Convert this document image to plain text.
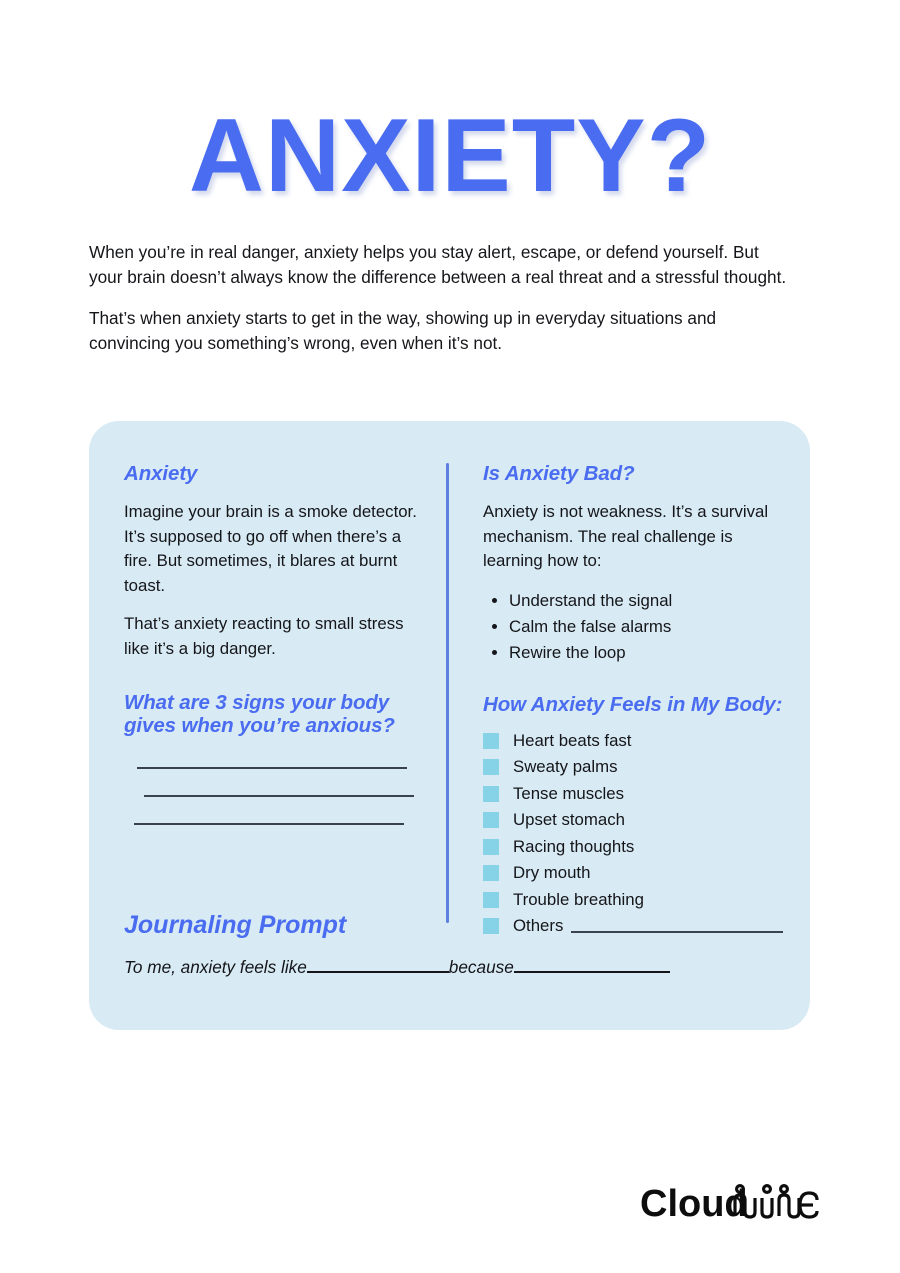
ANXIETY?

When you’re in real danger, anxiety helps you stay alert, escape, or defend yourself. But your brain doesn’t always know the difference between a real threat and a stressful thought.

That’s when anxiety starts to get in the way, showing up in everyday situations and convincing you something’s wrong, even when it’s not.

Anxiety

Imagine your brain is a smoke detector. It’s supposed to go off when there’s a fire. But sometimes, it blares at burnt toast.

That’s anxiety reacting to small stress like it’s a big danger.

What are 3 signs your body gives when you’re anxious?
Is Anxiety Bad?

Anxiety is not weakness. It’s a survival mechanism. The real challenge is learning how to:

• Understand the signal
• Calm the false alarms
• Rewire the loop
How Anxiety Feels in My Body:
Heart beats fast
Sweaty palms
Tense muscles
Upset stomach
Racing thoughts
Dry mouth
Trouble breathing
Others
Journaling Prompt
To me, anxiety feels like	because
Cloud
